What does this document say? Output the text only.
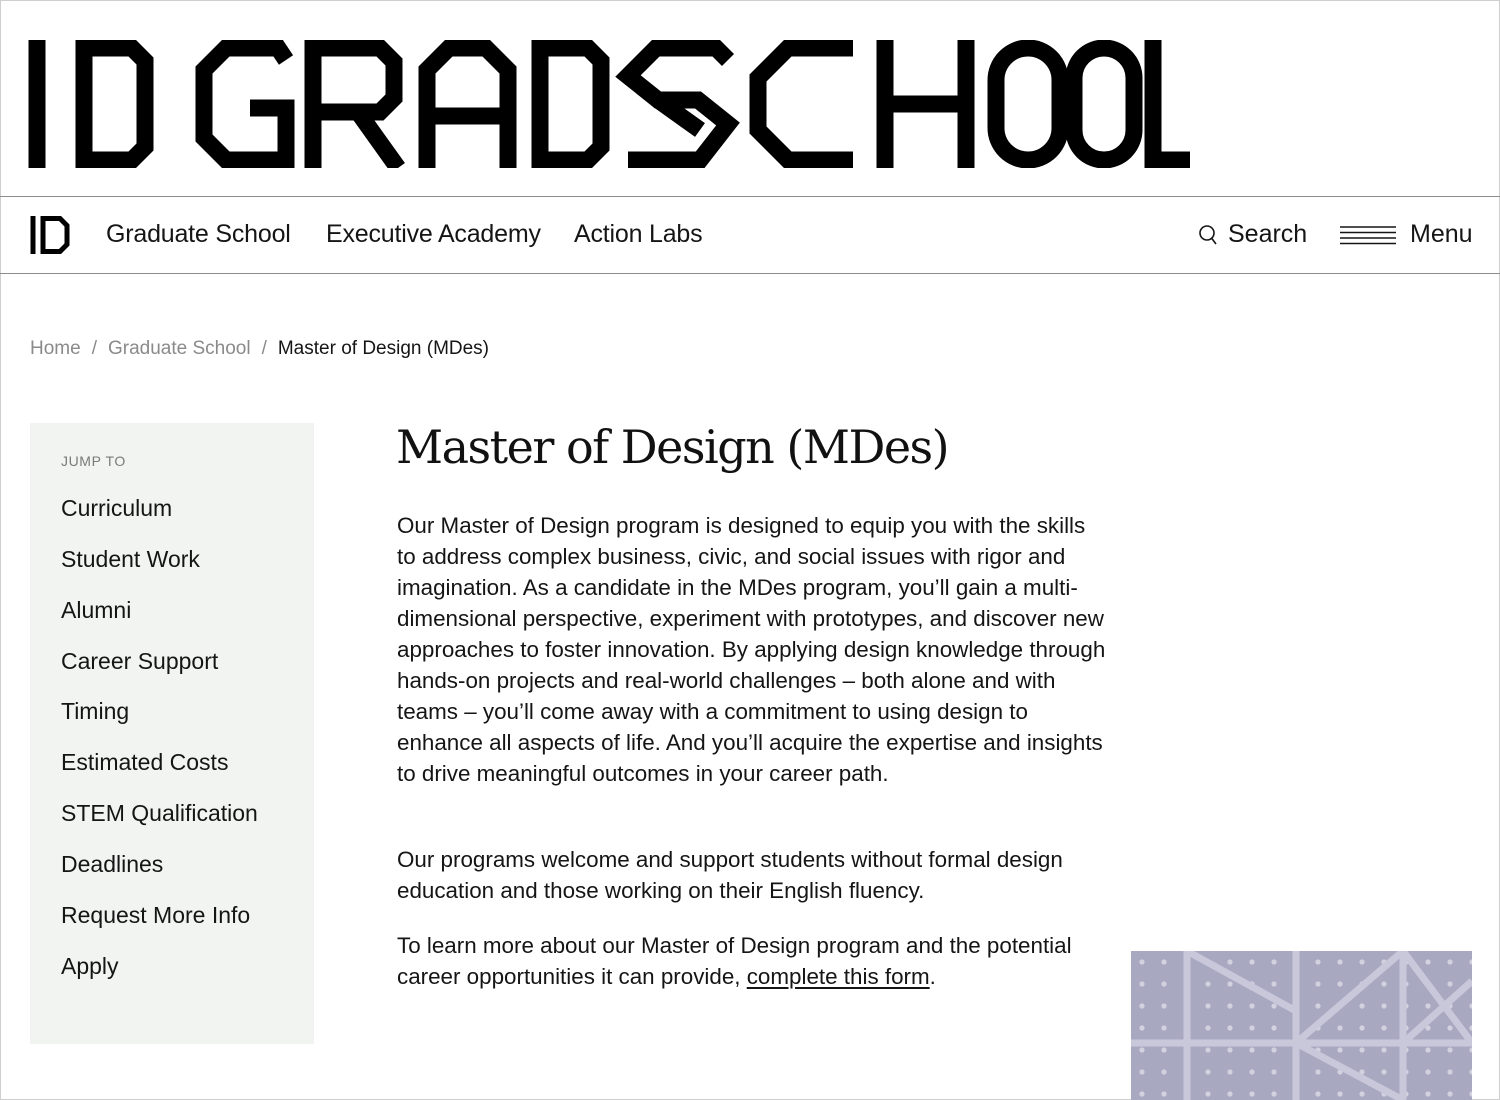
Graduate School Executive Academy Action Labs	Search	Menu
Home / Graduate School / Master of Design (MDes)
JUMP TO
Curriculum
Student Work
Alumni
Career Support
Timing
Estimated Costs
STEM Qualification
Deadlines
Request More Info
Apply
Master of Design (MDes)

Our Master of Design program is designed to equip you with the skills to address complex business, civic, and social issues with rigor and imagination. As a candidate in the MDes program, you’ll gain a multi-dimensional perspective, experiment with prototypes, and discover new approaches to foster innovation. By applying design knowledge through hands-on projects and real-world challenges – both alone and with teams – you’ll come away with a commitment to using design to enhance all aspects of life. And you’ll acquire the expertise and insights to drive meaningful outcomes in your career path.

Our programs welcome and support students without formal design education and those working on their English fluency.

To learn more about our Master of Design program and the potential career opportunities it can provide, complete this form.
